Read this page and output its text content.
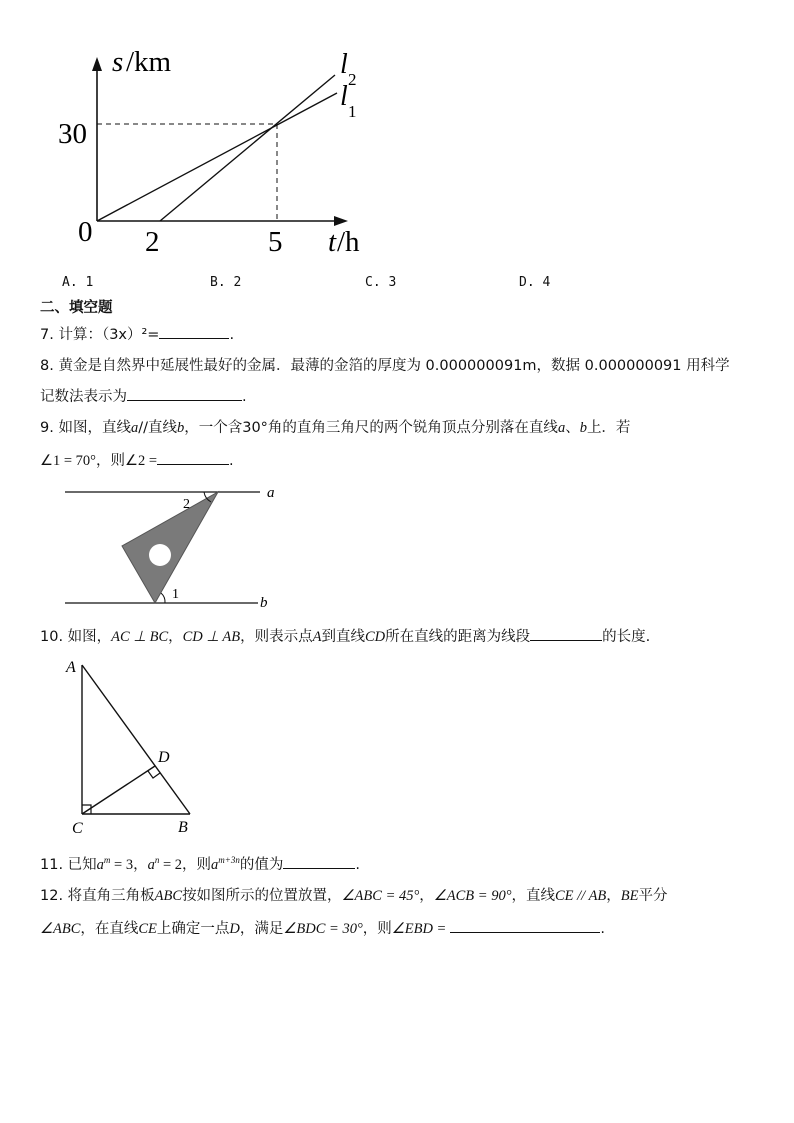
s /km
30
0 2	5 t /h
l 2
l 1
A. 1	B. 2	C. 3	D. 4
二、填空题
7. 计算：（3x）²=	.
8. 黄金是自然界中延展性最好的金属．最薄的金箔的厚度为 0.000000091m，数据 0.000000091 用科学
记数法表示为	.
9. 如图，直线a//直线b，一个含30°角的直角三角尺的两个锐角顶点分别落在直线a、b上．若
∠1 = 70°，则∠2 =	.
a
b
2
1
10. 如图，AC ⊥ BC，CD ⊥ AB，则表示点A到直线CD所在直线的距离为线段	的长度.
A
B
C
D
11. 已知$a^m = 3$，$a^n = 2$，则$a^{m+3n}$的值为	.
12. 将直角三角板ABC按如图所示的位置放置，∠ABC = 45°，∠ACB = 90°，直线CE // AB，BE平分
∠ABC，在直线CE上确定一点D，满足∠BDC = 30°，则∠EBD =	.
